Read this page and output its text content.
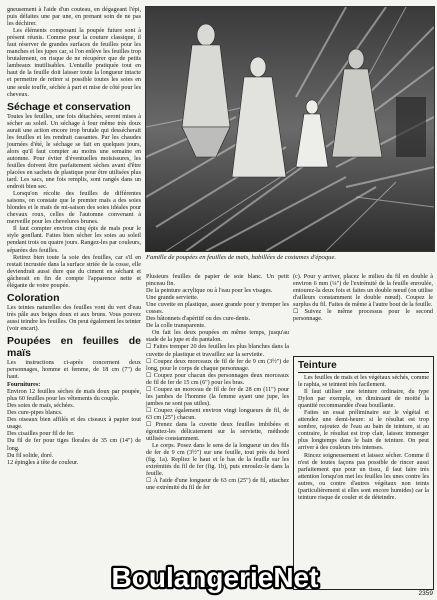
gneusement à l'aide d'un couteau, en dégageant l'épi, puis défaites une par une, en prenant soin de ne pas les déchirer.

Les éléments composant la poupée future sont à présent réunis. Comme pour la couture classique, il faut réserver de grandes surfaces de feuilles pour les manches et les jupes car, si l'on enlève les feuilles trop brutalement, on risque de ne récupérer que de petits lambeaux inutilisables. L'entaille pratiquée tout en haut de la feuille doit laisser toute la longueur intacte et permettre de retirer si possible toutes les soies en une seule touffe, séchée à part et mise de côté pour les cheveux.

Séchage et conservation

Toutes les feuilles, une fois détachées, seront mises à sécher au soleil. Un séchage à four même très doux aurait une action encore trop brutale qui dessécherait les feuilles et les rendrait cassantes. Par les chaudes journées d'été, le séchage se fait en quelques jours, alors qu'il faut compter au moins une semaine en automne. Pour éviter d'éventuelles moisissures, les feuilles doivent être parfaitement sèches avant d'être placées en sachets de plastique pour être utilisées plus tard. Les sacs, une fois remplis, sont rangés dans un endroit bien sec.

Lorsqu'on récolte des feuilles de différentes saisons, on constate que le premier maïs a des soies blondes et le maïs de mi-saison des soies idéales pour chevaux roux, celles de l'automne convenant à merveille pour les chevelures brunes.

Il faut compter environ cinq épis de maïs pour le style gonflant. Faites bien sécher les soies au soleil pendant trois ou quatre jours. Rangez-les par couleurs, séparées des feuilles.

Retirez bien toute la soie des feuilles, car s'il en restait incrustée dans la surface striée de la cosse, elle deviendrait aussi dure que du ciment en séchant et gâcherait en fin de compte l'apparence nette et élégante de votre poupée.

Coloration

Les teintes naturelles des feuilles vont du vert d'eau très pâle aux beiges doux et aux bruns. Vous pouvez aussi teindre les feuilles. On peut également les teinter (voir encart).

Poupées en feuilles de maïs

Les instructions ci-après concernent deux personnages, homme et femme, de 18 cm (7") de haut.

Fournitures:

Environ 12 feuilles sèches de maïs doux par poupée, plus 60 feuilles pour les vêtements du couple.

Des soies de maïs, séchées.

Des cure-pipes blancs.

Des oiseaux bien affilés et des ciseaux à papier tout usage.

Des cisailles pour fil de fer.

Du fil de fer pour tiges florales de 35 cm (14") de long.

Du fil solide, doré.

12 épingles à tête de couleur.

Famille de poupées en feuilles de maïs, habillées de costumes d'époque.

Plusieurs feuilles de papier de soie blanc. Un petit pinceau fin.

De la peinture acrylique ou à l'eau pour les visages.

Une grande serviette.

Une cuvette en plastique, assez grande pour y tremper les cosses.

Des bâtonnets d'apéritif ou des cure-dents.

De la colle transparente.

On fait les deux poupées en même temps, jusqu'au stade de la jupe et du pantalon.

☐ Faites tremper 20 des feuilles les plus blanches dans la cuvette de plastique et travaillez sur la serviette.

☐ Coupez deux morceaux de fil de fer de 9 cm (3½") de long, pour le corps de chaque personnage.

☐ Coupez pour chacun des personnages deux morceaux de fil de fer de 15 cm (6") pour les bras.

☐ Coupez un morceau de fil de fer de 28 cm (11") pour les jambes de l'homme (la femme ayant une jupe, les jambes ne sont pas utiles).

☐ Coupez également environ vingt longueurs de fil, de 63 cm (25") chacun.

☐ Prenez dans la cuvette deux feuilles imbibées et égouttez-les délicatement sur la serviette, méthode utilisée constamment.

Le corps. Posez dans le sens de la longueur un des fils de fer de 9 cm (3½") sur une feuille, tout près du bord (fig. 1a). Repliez le haut et le bas de la feuille sur les extrémités du fil de fer (fig. 1b), puis enroulez-le dans la feuille.

☐ À l'aide d'une longueur de 63 cm (25") de fil, attachez une extrémité du fil de fer

(c). Pour y arriver, placez le milieu du fil en double à environ 6 mm (¼") de l'extrémité de la feuille enroulée, entourez-la deux fois et faites un double nœud (on utilise d'ailleurs constamment le double nœud). Coupez le surplus du fil. Faites de même à l'autre bout de la feuille.

☐ Suivez le même processus pour le second personnage.

Teinture

Les feuilles de maïs et les végétaux séchés, comme le raphia, se teintent très facilement.

Il faut utiliser une teinture ordinaire, du type Dylon par exemple, en diminuant de moitié la quantité recommandée d'eau bouillante.

Faites un essai préliminaire sur le végétal et attendez une demi-heure: si le résultat est trop sombre, rajoutez de l'eau au bain de teinture, si au contraire, le résultat est trop clair, laissez immerger plus longtemps dans le bain de teinture. On peut arriver à des couleurs très intenses.

Rincez soigneusement et laissez sécher. Comme il n'est de toutes façons pas possible de rincer aussi parfaitement que pour un tissu, il faut faire très attention lorsqu'on met les feuilles les unes contre les autres, ou contre d'autres végétaux non teints (particulièrement si elles sont encore humides) car la teinture risque de couler et de déteindre.

BoulangerieNet
2359
